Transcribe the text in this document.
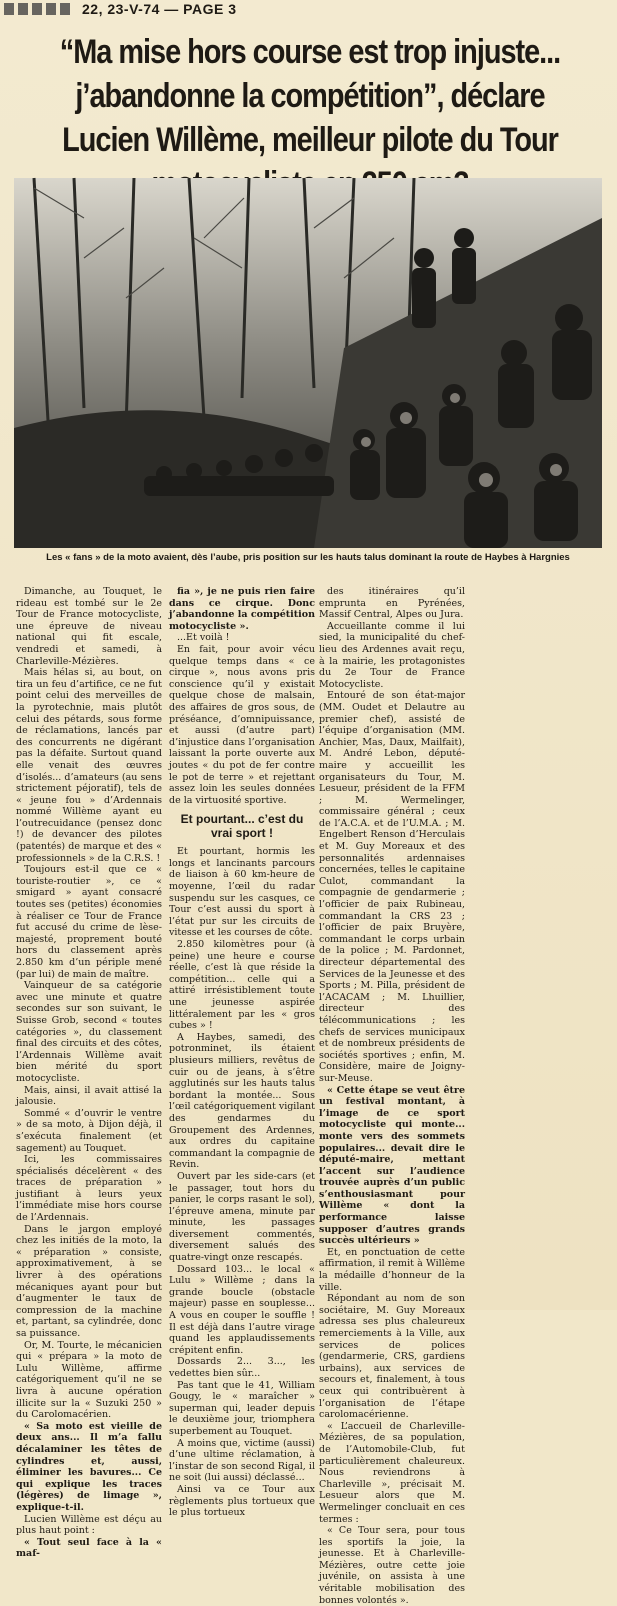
22, 23-V-74 — PAGE 3
“Ma mise hors course est trop injuste... j’abandonne la compétition”, déclare Lucien Willème, meilleur pilote du Tour
Les « fans » de la moto avaient, dès l’aube, pris position sur les hauts talus dominant la route de Haybes à Hargnies

Dimanche, au Touquet, le rideau est tombé sur le 2e Tour de France motocycliste, une épreuve de niveau national qui fit escale, vendredi et samedi, à Charleville-Mézières.

Mais hélas si, au bout, on tira un feu d’artifice, ce ne fut point celui des merveilles de la pyrotechnie, mais plutôt celui des pétards, sous forme de réclamations, lancés par des concurrents ne digérant pas la défaite. Surtout quand elle venait des œuvres d’isolés... d’amateurs (au sens strictement péjoratif), tels de « jeune fou » d’Ardennais nommé Willème ayant eu l’outrecuidance (pensez donc !) de devancer des pilotes (patentés) de marque et des « professionnels » de la C.R.S. !

Toujours est-il que ce « touriste-routier », ce « smigard » ayant consacré toutes ses (petites) économies à réaliser ce Tour de France fut accusé du crime de lèse-majesté, proprement bouté hors du classement après 2.850 km d’un périple mené (par lui) de main de maître.

Vainqueur de sa catégorie avec une minute et quatre secondes sur son suivant, le Suisse Grob, second « toutes catégories », du classement final des circuits et des côtes, l’Ardennais Willème avait bien mérité du sport motocycliste.

Mais, ainsi, il avait attisé la jalousie.

Sommé « d’ouvrir le ventre » de sa moto, à Dijon déjà, il s’exécuta finalement (et sagement) au Touquet.

Ici, les commissaires spécialisés décelèrent « des traces de préparation » justifiant à leurs yeux l’immédiate mise hors course de l’Ardennais.

Dans le jargon employé chez les initiés de la moto, la « préparation » consiste, approximativement, à se livrer à des opérations mécaniques ayant pour but d’augmenter le taux de compression de la machine et, partant, sa cylindrée, donc sa puissance.

Or, M. Tourte, le mécanicien qui « prépara » la moto de Lulu Willème, affirme catégoriquement qu’il ne se livra à aucune opération illicite sur la « Suzuki 250 » du Carolomacérien.

« Sa moto est vieille de deux ans... Il m’a fallu décalaminer les têtes de cylindres et, aussi, éliminer les bavures... Ce qui explique les traces (légères) de limage », explique-t-il.

Lucien Willème est déçu au plus haut point :

« Tout seul face à la « maf-

fia », je ne puis rien faire dans ce cirque. Donc j’abandonne la compétition motocycliste ».

...Et voilà !

En fait, pour avoir vécu quelque temps dans « ce cirque », nous avons pris conscience qu’il y existait quelque chose de malsain, des affaires de gros sous, de préséance, d’omnipuissance, et aussi (d’autre part) d’injustice dans l’organisation laissant la porte ouverte aux joutes « du pot de fer contre le pot de terre » et rejettant assez loin les seules données de la virtuosité sportive.

Et pourtant... c’est du vrai sport !

Et pourtant, hormis les longs et lancinants parcours de liaison à 60 km-heure de moyenne, l’œil du radar suspendu sur les casques, ce Tour c’est aussi du sport à l’état pur sur les circuits de vitesse et les courses de côte.

2.850 kilomètres pour (à peine) une heure e course réelle, c’est là que réside la compétition... celle qui a attiré irrésistiblement toute une jeunesse aspirée littéralement par les « gros cubes » !

A Haybes, samedi, des potronminet, ils étaient plusieurs milliers, revêtus de cuir ou de jeans, à s’être agglutinés sur les hauts talus bordant la montée... Sous l’œil catégoriquement vigilant des gendarmes du Groupement des Ardennes, aux ordres du capitaine commandant la compagnie de Revin.

Ouvert par les side-cars (et le passager, tout hors du panier, le corps rasant le sol), l’épreuve amena, minute par minute, les passages diversement commentés, diversement salués des quatre-vingt onze rescapés.

Dossard 103... le local « Lulu » Willème ; dans la grande boucle (obstacle majeur) passe en souplesse... A vous en couper le souffle ! Il est déjà dans l’autre virage quand les applaudissements crépitent enfin.

Dossards 2... 3..., les vedettes bien sûr...

Pas tant que le 41, William Gougy, le « maraîcher » superman qui, leader depuis le deuxième jour, triomphera superbement au Touquet.

A moins que, victime (aussi) d’une ultime réclamation, à l’instar de son second Rigal, il ne soit (lui aussi) déclassé...

Ainsi va ce Tour aux règlements plus tortueux que le plus tortueux

des itinéraires qu’il emprunta en Pyrénées, Massif Central, Alpes ou Jura.

Accueillante comme il lui sied, la municipalité du chef-lieu des Ardennes avait reçu, à la mairie, les protagonistes du 2e Tour de France Motocycliste.

Entouré de son état-major (MM. Oudet et Delautre au premier chef), assisté de l’équipe d’organisation (MM. Anchier, Mas, Daux, Mailfait), M. André Lebon, député-maire y accueillit les organisateurs du Tour, M. Lesueur, président de la FFM ; M. Wermelinger, commissaire général ; ceux de l’A.C.A. et de l’U.M.A. ; M. Engelbert Renson d’Herculais et M. Guy Moreaux et des personnalités ardennaises concernées, telles le capitaine Culot, commandant la compagnie de gendarmerie ; l’officier de paix Rubineau, commandant la CRS 23 ; l’officier de paix Bruyère, commandant le corps urbain de la police ; M. Pardonnet, directeur départemental des Services de la Jeunesse et des Sports ; M. Pilla, président de l’ACACAM ; M. Lhuillier, directeur des télécommunications ; les chefs de services municipaux et de nombreux présidents de sociétés sportives ; enfin, M. Considère, maire de Joigny-sur-Meuse.

« Cette étape se veut être un festival montant, à l’image de ce sport motocycliste qui monte... monte vers des sommets populaires... devait dire le député-maire, mettant l’accent sur l’audience trouvée auprès d’un public s’enthousiasmant pour Willème « dont la performance laisse supposer d’autres grands succès ultérieurs »

Et, en ponctuation de cette affirmation, il remit à Willème la médaille d’honneur de la ville.

Répondant au nom de son sociétaire, M. Guy Moreaux adressa ses plus chaleureux remerciements à la Ville, aux services de polices (gendarmerie, CRS, gardiens urbains), aux services de secours et, finalement, à tous ceux qui contribuèrent à l’organisation de l’étape carolomacérienne.

« L’accueil de Charleville-Mézières, de sa population, de l’Automobile-Club, fut particulièrement chaleureux. Nous reviendrons à Charleville », précisait M. Lesueur alors que M. Wermelinger concluait en ces termes :

« Ce Tour sera, pour tous les sportifs la joie, la jeunesse. Et à Charleville-Mézières, outre cette joie juvénile, on assista à une véritable mobilisation des bonnes volontés ».
